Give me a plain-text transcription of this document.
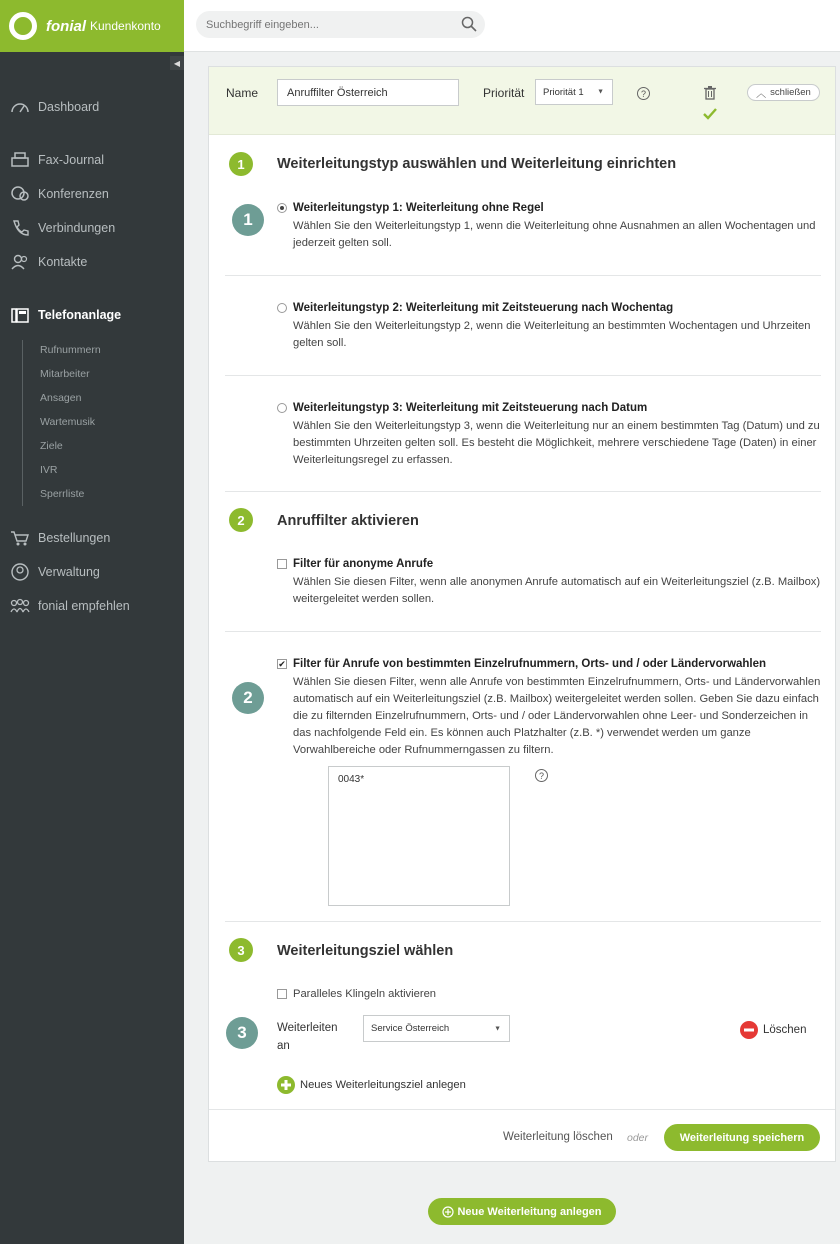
fonial Kundenkonto
◀
Dashboard
Fax-Journal
Konferenzen
Verbindungen
Kontakte
Telefonanlage
Rufnummern
Mitarbeiter
Ansagen
Wartemusik
Ziele
IVR
Sperrliste
Bestellungen
Verwaltung
fonial empfehlen
Suchbegriff eingeben...
Name	Anruffilter Österreich	Priorität Priorität 1 ▼	?	︿ schließen
1	Weiterleitungstyp auswählen und Weiterleitung einrichten
1
Weiterleitungstyp 1: Weiterleitung ohne Regel
Wählen Sie den Weiterleitungstyp 1, wenn die Weiterleitung ohne Ausnahmen an allen Wochentagen und jederzeit gelten soll.
Weiterleitungstyp 2: Weiterleitung mit Zeitsteuerung nach Wochentag
Wählen Sie den Weiterleitungstyp 2, wenn die Weiterleitung an bestimmten Wochentagen und Uhrzeiten gelten soll.
Weiterleitungstyp 3: Weiterleitung mit Zeitsteuerung nach Datum
Wählen Sie den Weiterleitungstyp 3, wenn die Weiterleitung nur an einem bestimmten Tag (Datum) und zu bestimmten Uhrzeiten gelten soll. Es besteht die Möglichkeit, mehrere verschiedene Tage (Daten) in einer Weiterleitungsregel zu erfassen.
2	Anruffilter aktivieren
Filter für anonyme Anrufe
Wählen Sie diesen Filter, wenn alle anonymen Anrufe automatisch auf ein Weiterleitungsziel (z.B. Mailbox) weitergeleitet werden sollen.
✔ Filter für Anrufe von bestimmten Einzelrufnummern, Orts- und / oder Ländervorwahlen
Wählen Sie diesen Filter, wenn alle Anrufe von bestimmten Einzelrufnummern, Orts- und Ländervorwahlen automatisch auf ein Weiterleitungsziel (z.B. Mailbox) weitergeleitet werden sollen. Geben Sie dazu einfach die zu filternden Einzelrufnummern, Orts- und / oder Ländervorwahlen ohne Leer- und Sonderzeichen in das nachfolgende Feld ein. Es können auch Platzhalter (z.B. *) verwendet werden um ganze Vorwahlbereiche oder Rufnummerngassen zu filtern.
2
0043*	?
3	Weiterleitungsziel wählen
Paralleles Klingeln aktivieren
3	Weiterleiten
an
Service Österreich	▼	Löschen
Neues Weiterleitungsziel anlegen
Weiterleitung löschen oder	Weiterleitung speichern
Neue Weiterleitung anlegen
